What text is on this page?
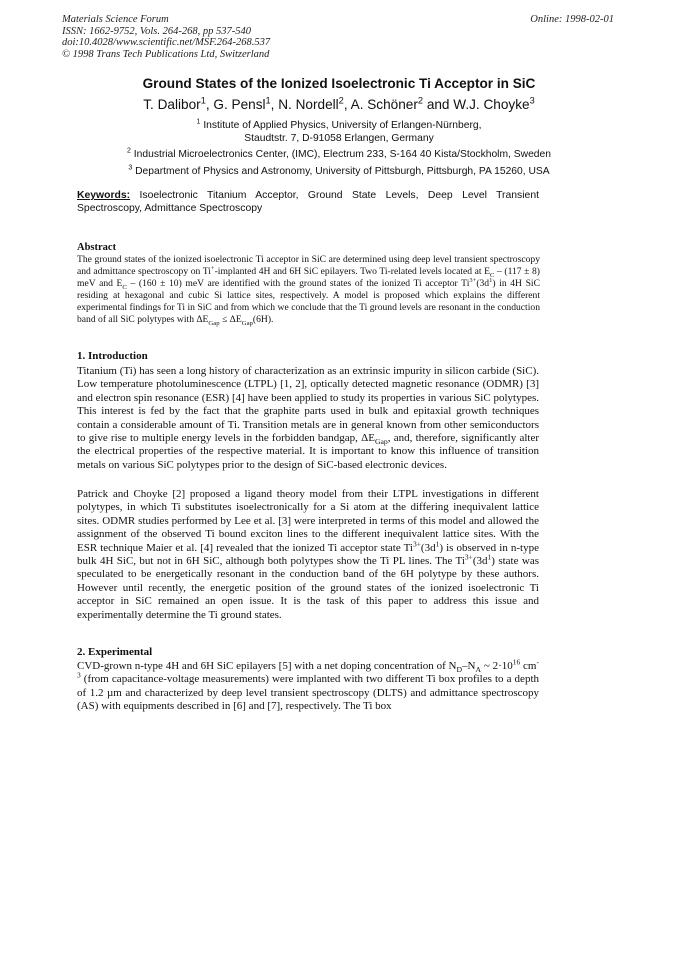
Materials Science Forum
ISSN: 1662-9752, Vols. 264-268, pp 537-540
doi:10.4028/www.scientific.net/MSF.264-268.537
© 1998 Trans Tech Publications Ltd, Switzerland
Online: 1998-02-01
Ground States of the Ionized Isoelectronic Ti Acceptor in SiC
T. Dalibor$^1$, G. Pensl$^1$, N. Nordell$^2$, A. Schöner$^2$ and W.J. Choyke$^3$
$^1$ Institute of Applied Physics, University of Erlangen-Nürnberg,
Staudtstr. 7, D-91058 Erlangen, Germany
$^2$ Industrial Microelectronics Center, (IMC), Electrum 233, S-164 40 Kista/Stockholm, Sweden
$^3$ Department of Physics and Astronomy, University of Pittsburgh, Pittsburgh, PA 15260, USA
Keywords: Isoelectronic Titanium Acceptor, Ground State Levels, Deep Level Transient Spectroscopy, Admittance Spectroscopy
Abstract
The ground states of the ionized isoelectronic Ti acceptor in SiC are determined using deep level transient spectroscopy and admittance spectroscopy on Ti+-implanted 4H and 6H SiC epilayers. Two Ti-related levels located at $E_C - (117 \pm 8)$ meV and $E_C - (160 \pm 10)$ meV are identified with the ground states of the ionized Ti acceptor $Ti^{3+}(3d^1)$ in 4H SiC residing at hexagonal and cubic Si lattice sites, respectively. A model is proposed which explains the different experimental findings for Ti in SiC and from which we conclude that the Ti ground levels are resonant in the conduction band of all SiC polytypes with $\Delta E_{Gap} \le \Delta E_{Gap}(6H)$.
1. Introduction

Titanium (Ti) has seen a long history of characterization as an extrinsic impurity in silicon carbide (SiC). Low temperature photoluminescence (LTPL) [1, 2], optically detected magnetic resonance (ODMR) [3] and electron spin resonance (ESR) [4] have been applied to study its properties in various SiC polytypes. This interest is fed by the fact that the graphite parts used in bulk and epitaxial growth techniques contain a considerable amount of Ti. Transition metals are in general known from other semiconductors to give rise to multiple energy levels in the forbidden bandgap, $\Delta E_{Gap}$, and, therefore, significantly alter the electrical properties of the respective material. It is important to know this influence of transition metals on various SiC polytypes prior to the design of SiC-based electronic devices.

Patrick and Choyke [2] proposed a ligand theory model from their LTPL investigations in different polytypes, in which Ti substitutes isoelectronically for a Si atom at the differing inequivalent lattice sites. ODMR studies performed by Lee et al. [3] were interpreted in terms of this model and allowed the assignment of the observed Ti bound exciton lines to the different inequivalent lattice sites. With the ESR technique Maier et al. [4] revealed that the ionized Ti acceptor state $Ti^{3+}(3d^1)$ is observed in n-type bulk 4H SiC, but not in 6H SiC, although both polytypes show the Ti PL lines. The $Ti^{3+}(3d^1)$ state was speculated to be energetically resonant in the conduction band of the 6H polytype by these authors. However until recently, the energetic position of the ground states of the ionized isoelectronic Ti acceptor in SiC remained an open issue. It is the task of this paper to address this issue and experimentally determine the Ti ground states.

2. Experimental

CVD-grown n-type 4H and 6H SiC epilayers [5] with a net doping concentration of $N_D-N_A$ ~ $2\cdot 10^{16}$ $cm^{-3}$ (from capacitance-voltage measurements) were implanted with two different Ti box profiles to a depth of 1.2 µm and characterized by deep level transient spectroscopy (DLTS) and admittance spectroscopy (AS) with equipments described in [6] and [7], respectively. The Ti box
